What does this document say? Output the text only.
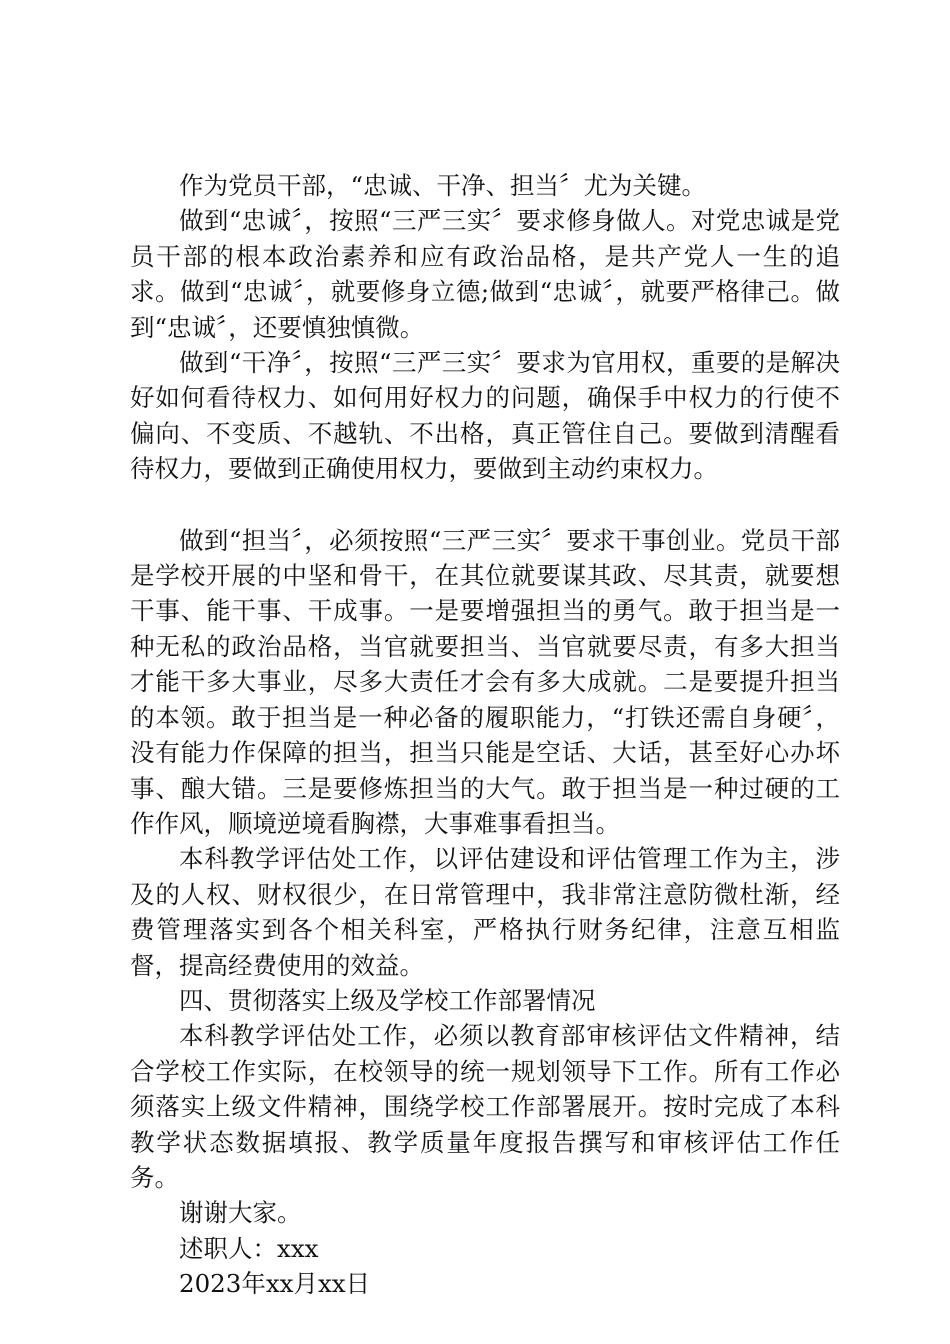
作为党员干部，“忠诚、干净、担当〞尤为关键。

做到“忠诚〞，按照“三严三实〞要求修身做人。对党忠诚是党员干部的根本政治素养和应有政治品格，是共产党人一生的追求。做到“忠诚〞，就要修身立德;做到“忠诚〞，就要严格律己。做到“忠诚〞，还要慎独慎微。

做到“干净〞，按照“三严三实〞要求为官用权，重要的是解决好如何看待权力、如何用好权力的问题，确保手中权力的行使不偏向、不变质、不越轨、不出格，真正管住自己。要做到清醒看待权力，要做到正确使用权力，要做到主动约束权力。

做到“担当〞，必须按照“三严三实〞要求干事创业。党员干部是学校开展的中坚和骨干，在其位就要谋其政、尽其责，就要想干事、能干事、干成事。一是要增强担当的勇气。敢于担当是一种无私的政治品格，当官就要担当、当官就要尽责，有多大担当才能干多大事业，尽多大责任才会有多大成就。二是要提升担当的本领。敢于担当是一种必备的履职能力，“打铁还需自身硬〞，没有能力作保障的担当，担当只能是空话、大话，甚至好心办坏事、酿大错。三是要修炼担当的大气。敢于担当是一种过硬的工作作风，顺境逆境看胸襟，大事难事看担当。

本科教学评估处工作，以评估建设和评估管理工作为主，涉及的人权、财权很少，在日常管理中，我非常注意防微杜渐，经费管理落实到各个相关科室，严格执行财务纪律，注意互相监督，提高经费使用的效益。

四、贯彻落实上级及学校工作部署情况

本科教学评估处工作，必须以教育部审核评估文件精神，结合学校工作实际，在校领导的统一规划领导下工作。所有工作必须落实上级文件精神，围绕学校工作部署展开。按时完成了本科教学状态数据填报、教学质量年度报告撰写和审核评估工作任务。

谢谢大家。

述职人：xxx

2023年xx月xx日
